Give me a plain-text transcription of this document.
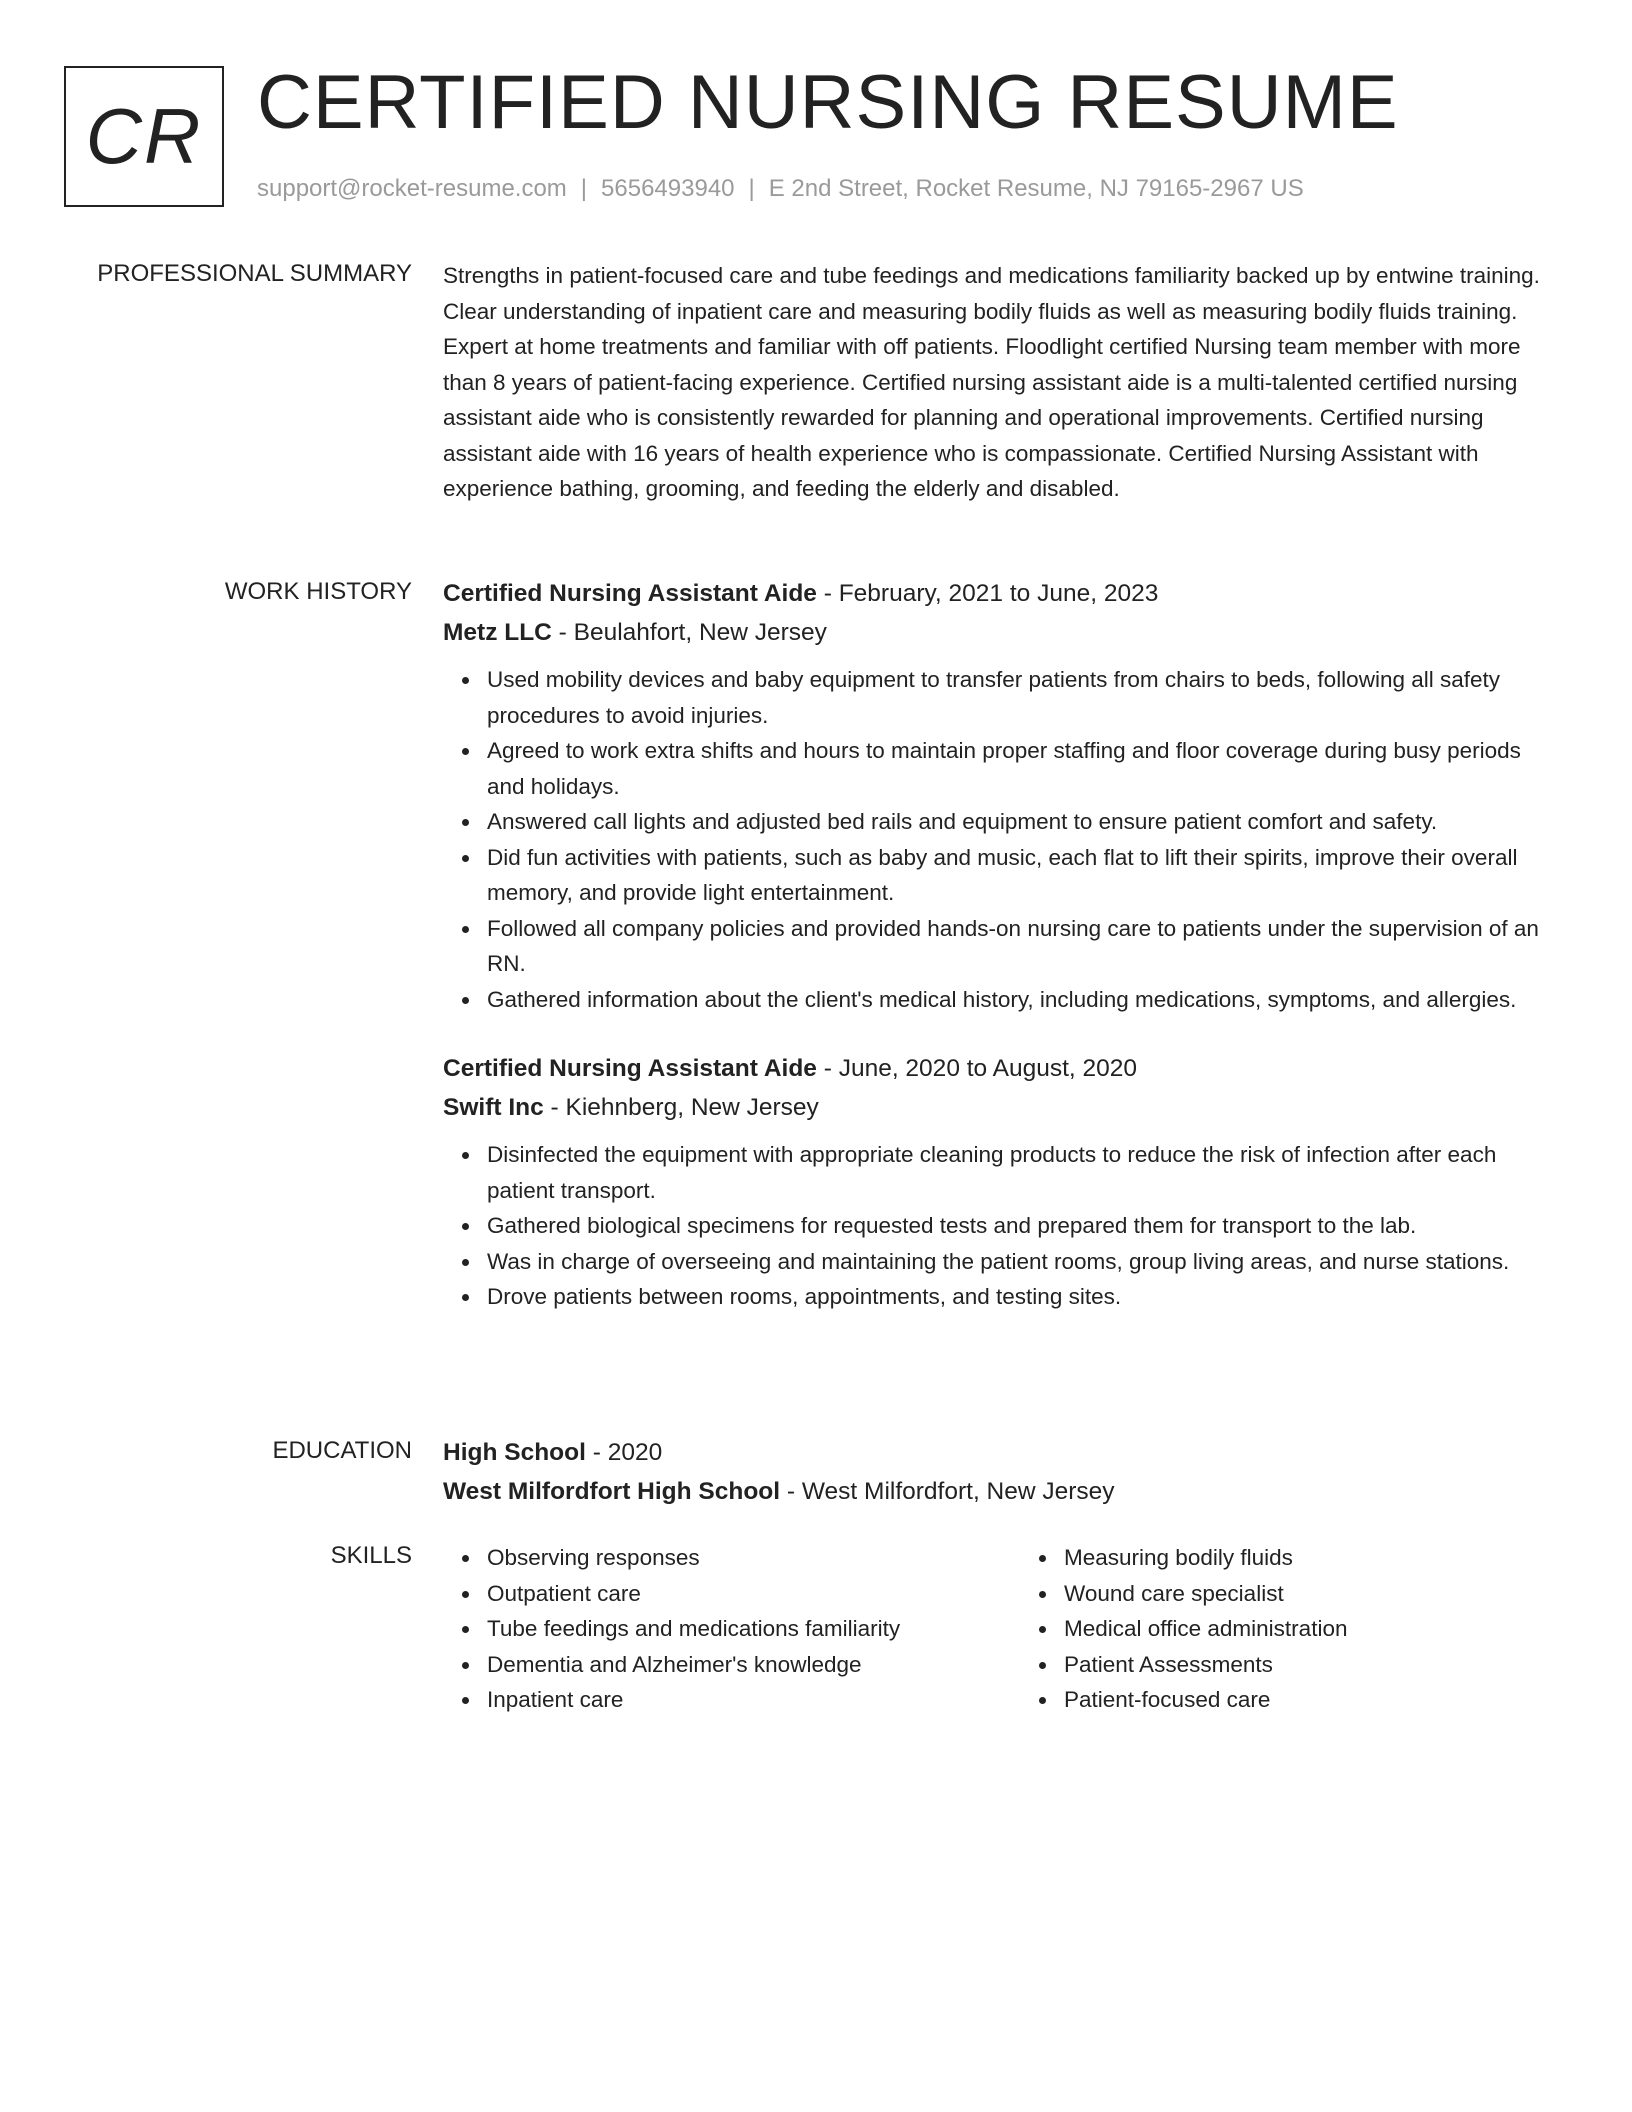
CR CERTIFIED NURSING RESUME
support@rocket-resume.com | 5656493940 | E 2nd Street, Rocket Resume, NJ 79165-2967 US
PROFESSIONAL SUMMARY Strengths in patient-focused care and tube feedings and medications familiarity backed up by entwine training. Clear understanding of inpatient care and measuring bodily fluids as well as measuring bodily fluids training. Expert at home treatments and familiar with off patients. Floodlight certified Nursing team member with more than 8 years of patient-facing experience. Certified nursing assistant aide is a multi-talented certified nursing assistant aide who is consistently rewarded for planning and operational improvements. Certified nursing assistant aide with 16 years of health experience who is compassionate. Certified Nursing Assistant with experience bathing, grooming, and feeding the elderly and disabled.

WORK HISTORY Certified Nursing Assistant Aide - February, 2021 to June, 2023
Metz LLC - Beulahfort, New Jersey
Used mobility devices and baby equipment to transfer patients from chairs to beds, following all safety procedures to avoid injuries.
Agreed to work extra shifts and hours to maintain proper staffing and floor coverage during busy periods and holidays.
Answered call lights and adjusted bed rails and equipment to ensure patient comfort and safety.
Did fun activities with patients, such as baby and music, each flat to lift their spirits, improve their overall memory, and provide light entertainment.
Followed all company policies and provided hands-on nursing care to patients under the supervision of an RN.
Gathered information about the client's medical history, including medications, symptoms, and allergies.
Certified Nursing Assistant Aide - June, 2020 to August, 2020
Swift Inc - Kiehnberg, New Jersey
Disinfected the equipment with appropriate cleaning products to reduce the risk of infection after each patient transport.
Gathered biological specimens for requested tests and prepared them for transport to the lab.
Was in charge of overseeing and maintaining the patient rooms, group living areas, and nurse stations.
Drove patients between rooms, appointments, and testing sites.
EDUCATION High School - 2020
West Milfordfort High School - West Milfordfort, New Jersey
SKILLS	Observing responses
Outpatient care
Tube feedings and medications familiarity
Dementia and Alzheimer's knowledge
Inpatient care
Measuring bodily fluids
Wound care specialist
Medical office administration
Patient Assessments
Patient-focused care
